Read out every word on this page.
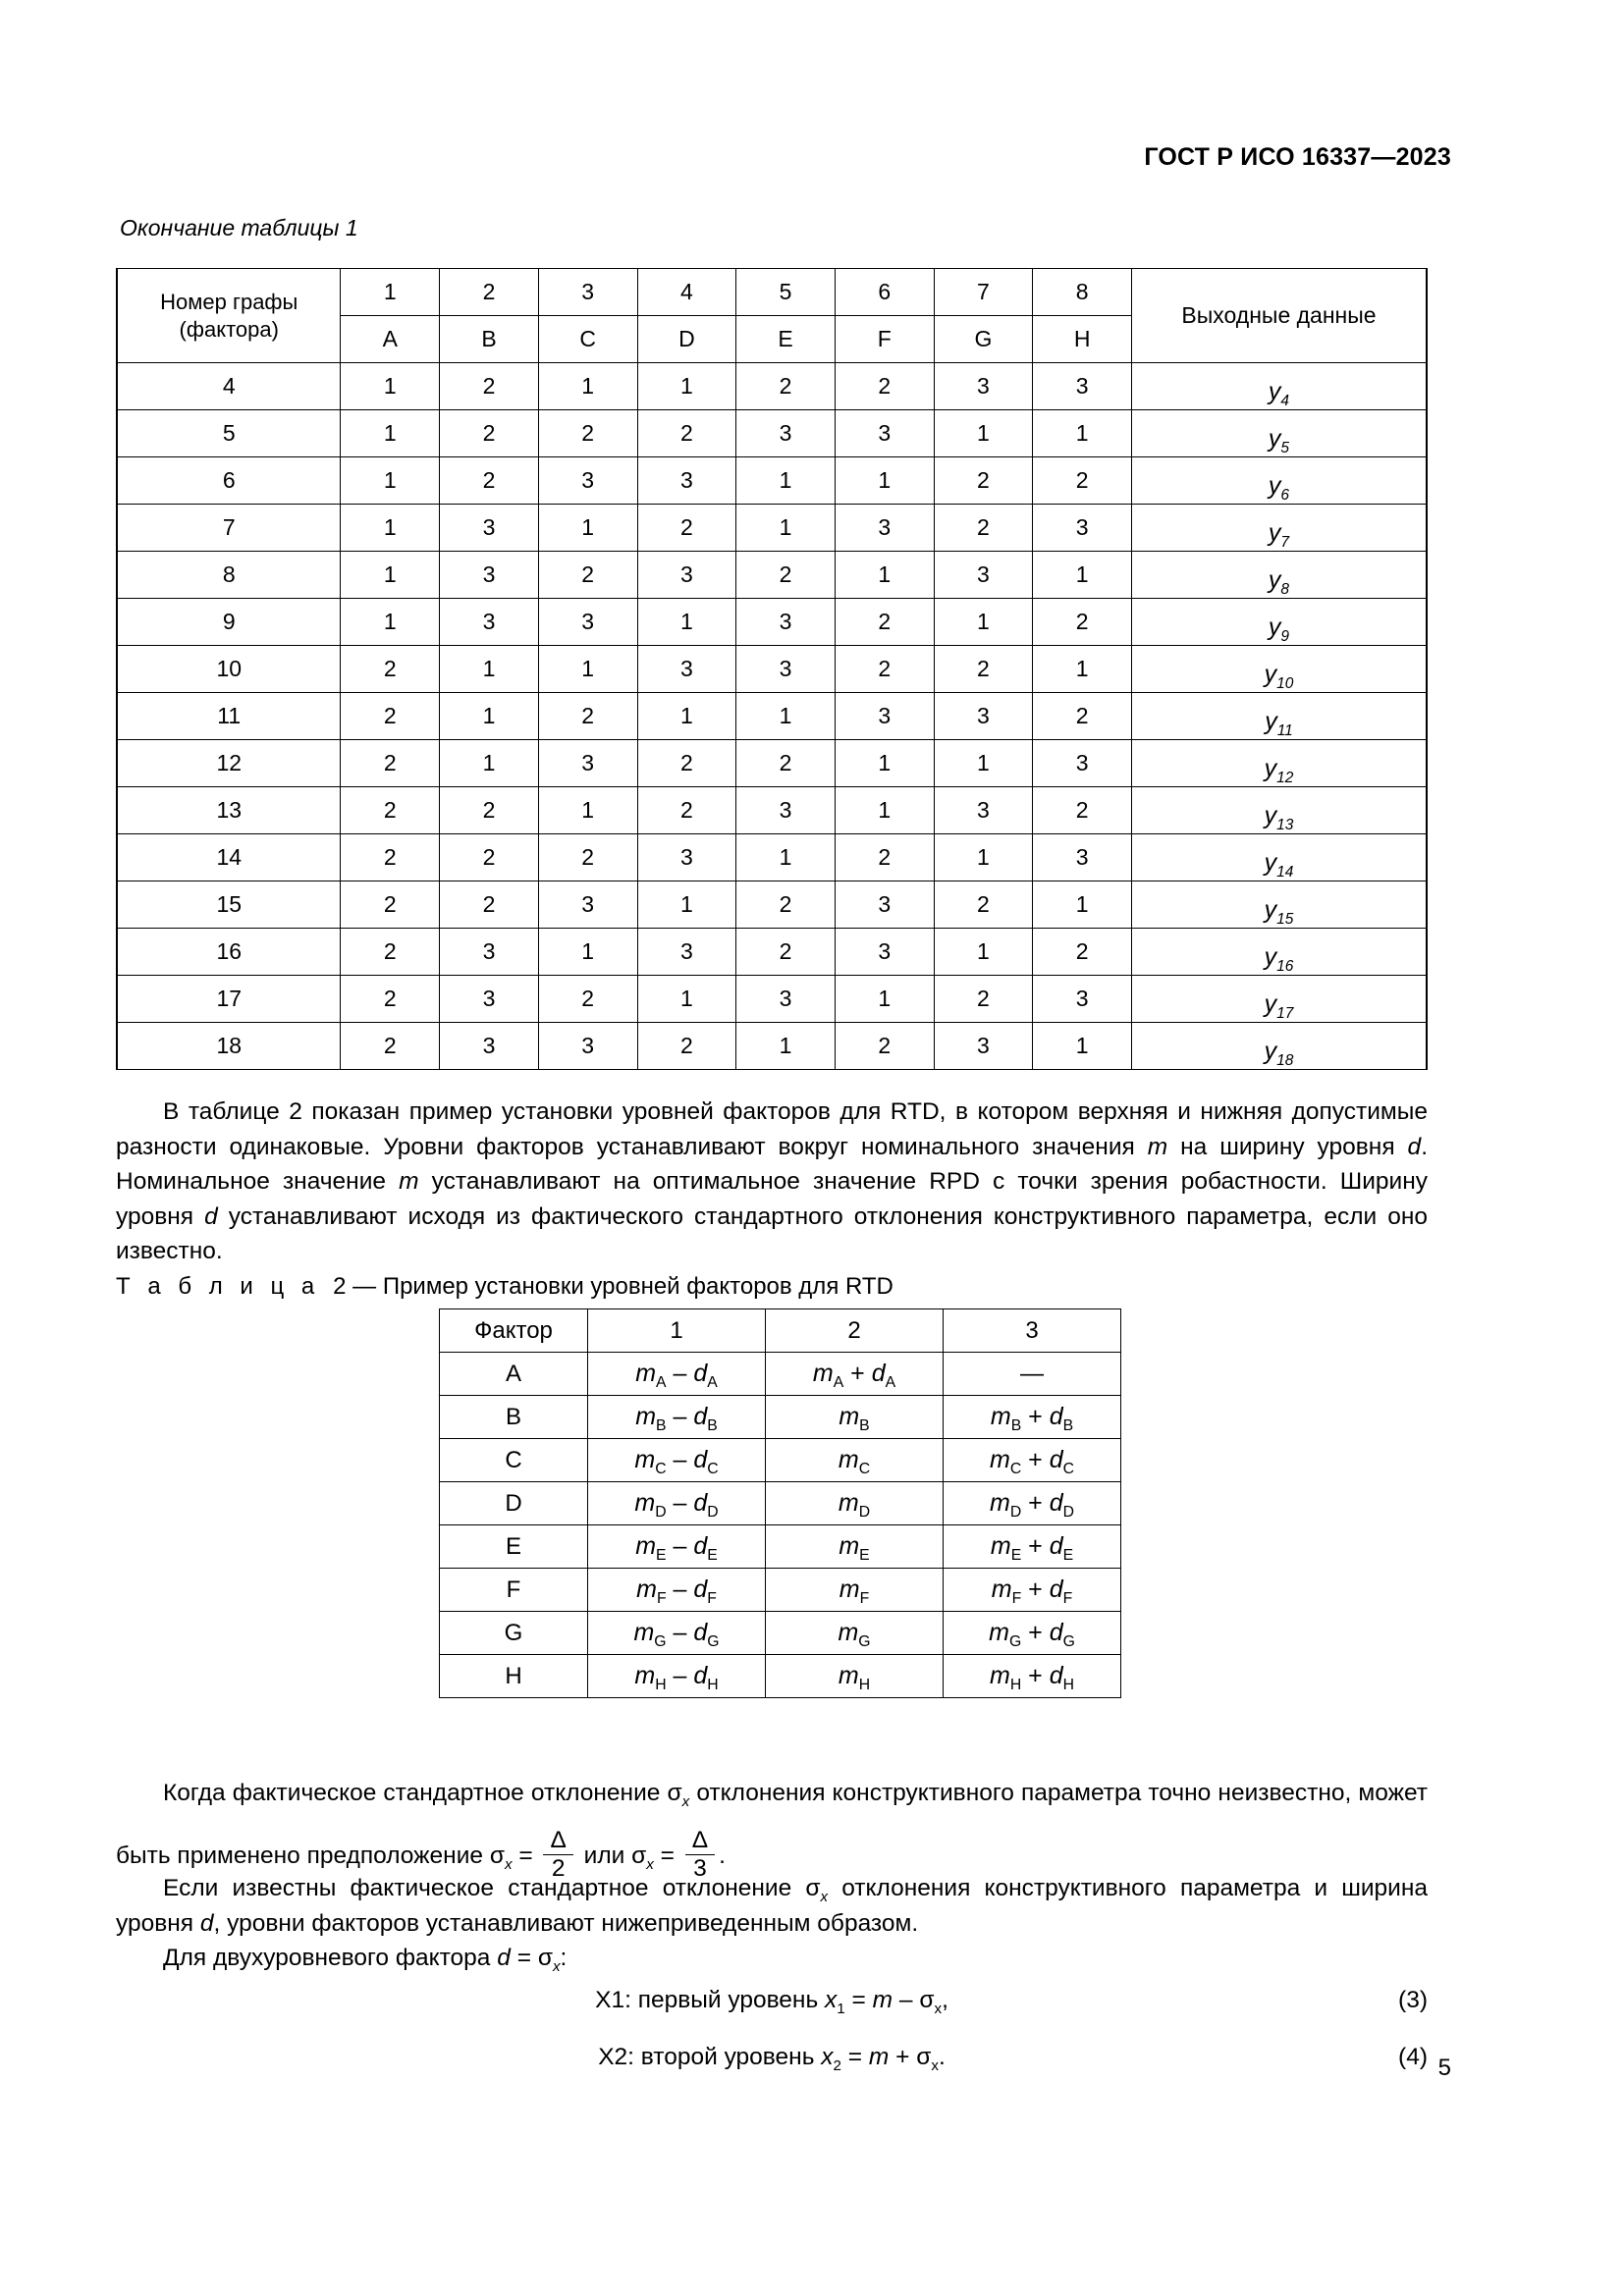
ГОСТ Р ИСО 16337—2023
Окончание таблицы 1
Номер графы
(фактора)	1	2	3	4	5	6	7	8	Выходные данные
	A	B	C	D	E	F	G	H	
4	1	2	1	1	2	2	3	3	$y_4$
5	1	2	2	2	3	3	1	1	$y_5$
6	1	2	3	3	1	1	2	2	$y_6$
7	1	3	1	2	1	3	2	3	$y_7$
8	1	3	2	3	2	1	3	1	$y_8$
9	1	3	3	1	3	2	1	2	$y_9$
10	2	1	1	3	3	2	2	1	$y_{10}$
11	2	1	2	1	1	3	3	2	$y_{11}$
12	2	1	3	2	2	1	1	3	$y_{12}$
13	2	2	1	2	3	1	3	2	$y_{13}$
14	2	2	2	3	1	2	1	3	$y_{14}$
15	2	2	3	1	2	3	2	1	$y_{15}$
16	2	3	1	3	2	3	1	2	$y_{16}$
17	2	3	2	1	3	1	2	3	$y_{17}$
18	2	3	3	2	1	2	3	1	$y_{18}$
В таблице 2 показан пример установки уровней факторов для RTD, в котором верхняя и нижняя допустимые разности одинаковые. Уровни факторов устанавливают вокруг номинального значения m на ширину уровня d. Номинальное значение m устанавливают на оптимальное значение RPD с точки зрения робастности. Ширину уровня d устанавливают исходя из фактического стандартного отклонения конструктивного параметра, если оно известно.
Т а б л и ц а 2 — Пример установки уровней факторов для RTD
Фактор	1	2	3
A	$m_A - d_A$	$m_A + d_A$	—
B	$m_B - d_B$	$m_B$	$m_B + d_B$
C	$m_C - d_C$	$m_C$	$m_C + d_C$
D	$m_D - d_D$	$m_D$	$m_D + d_D$
E	$m_E - d_E$	$m_E$	$m_E + d_E$
F	$m_F - d_F$	$m_F$	$m_F + d_F$
G	$m_G - d_G$	$m_G$	$m_G + d_G$
H	$m_H - d_H$	$m_H$	$m_H + d_H$
Когда фактическое стандартное отклонение $\sigma_x$ отклонения конструктивного параметра точно неизвестно, может быть применено предположение $\sigma_x = \frac{\Delta}{2}$ или $\sigma_x = \frac{\Delta}{3}$ .
Если известны фактическое стандартное отклонение $\sigma_x$ отклонения конструктивного параметра и ширина уровня d, уровни факторов устанавливают нижеприведенным образом.
Для двухуровневого фактора $d = \sigma_x$:
X1: первый уровень $x_1 = m - \sigma_x$,	(3)
X2: второй уровень $x_2 = m + \sigma_x$.	(4) 5
